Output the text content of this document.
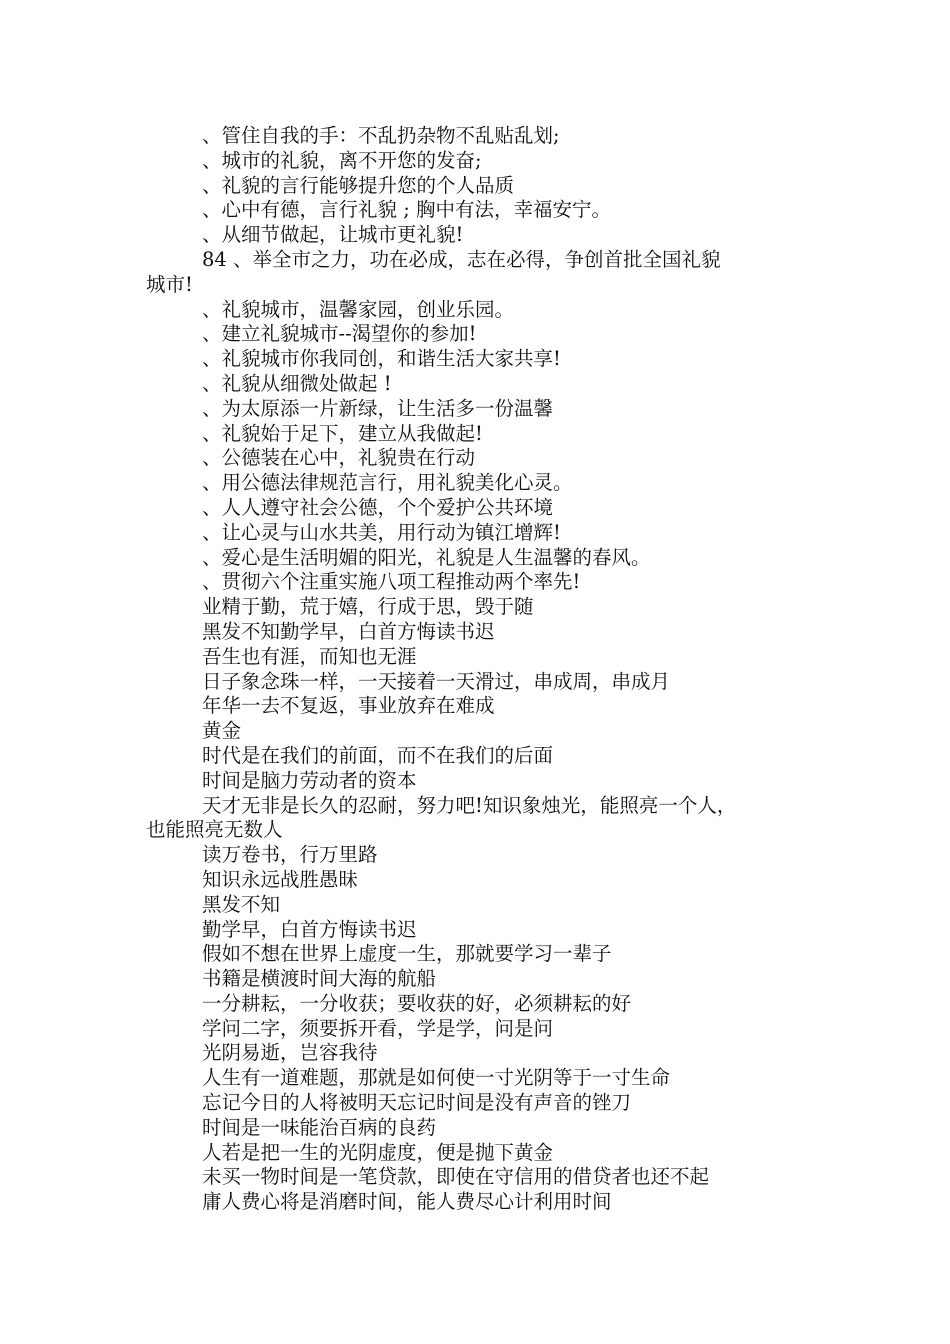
、管住自我的手：不乱扔杂物不乱贴乱划;

、城市的礼貌，离不开您的发奋;

、礼貌的言行能够提升您的个人品质

、心中有德，言行礼貌 ; 胸中有法，幸福安宁。

、从细节做起，让城市更礼貌!

84 、举全市之力，功在必成，志在必得，争创首批全国礼貌

城市!

、礼貌城市，温馨家园，创业乐园。

、建立礼貌城市--渴望你的参加!

、礼貌城市你我同创，和谐生活大家共享!

、礼貌从细微处做起 !

、为太原添一片新绿，让生活多一份温馨

、礼貌始于足下，建立从我做起!

、公德装在心中，礼貌贵在行动

、用公德法律规范言行，用礼貌美化心灵。

、人人遵守社会公德，个个爱护公共环境

、让心灵与山水共美，用行动为镇江增辉!

、爱心是生活明媚的阳光，礼貌是人生温馨的春风。

、贯彻六个注重实施八项工程推动两个率先!

业精于勤，荒于嬉，行成于思，毁于随

黑发不知勤学早，白首方悔读书迟

吾生也有涯，而知也无涯

日子象念珠一样，一天接着一天滑过，串成周，串成月

年华一去不复返，事业放弃在难成

黄金

时代是在我们的前面，而不在我们的后面

时间是脑力劳动者的资本

天才无非是长久的忍耐，努力吧!知识象烛光，能照亮一个人，

也能照亮无数人

读万卷书，行万里路

知识永远战胜愚昧

黑发不知

勤学早，白首方悔读书迟

假如不想在世界上虚度一生，那就要学习一辈子

书籍是横渡时间大海的航船

一分耕耘，一分收获；要收获的好，必须耕耘的好

学问二字，须要拆开看，学是学，问是问

光阴易逝，岂容我待

人生有一道难题，那就是如何使一寸光阴等于一寸生命

忘记今日的人将被明天忘记时间是没有声音的锉刀

时间是一味能治百病的良药

人若是把一生的光阴虚度，便是抛下黄金

未买一物时间是一笔贷款，即使在守信用的借贷者也还不起

庸人费心将是消磨时间，能人费尽心计利用时间
